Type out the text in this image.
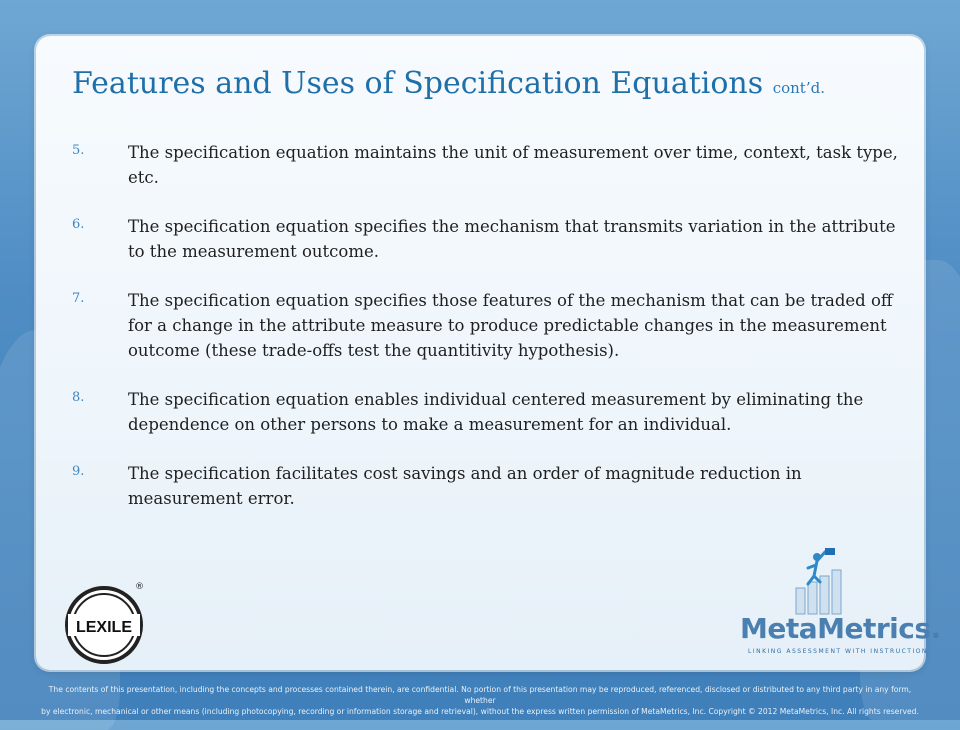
Features and Uses of Specification Equations cont’d.
5.	The specification equation maintains the unit of measurement over time, context, task type, etc.
6.	The specification equation specifies the mechanism that transmits variation in the attribute to the measurement outcome.
7.	The specification equation specifies those features of the mechanism that can be traded off for a change in the attribute measure to produce predictable changes in the measurement outcome (these trade-offs test the quantitivity hypothesis).
8.	The specification equation enables individual centered measurement by eliminating the dependence on other persons to make a measurement for an individual.
9.	The specification facilitates cost savings and an order of magnitude reduction in measurement error.
LEXILE
®
MetaMetrics.
LINKING ASSESSMENT WITH INSTRUCTION
The contents of this presentation, including the concepts and processes contained therein, are confidential. No portion of this presentation may be reproduced, referenced, disclosed or distributed to any third party in any form, whether
by electronic, mechanical or other means (including photocopying, recording or information storage and retrieval), without the express written permission of MetaMetrics, Inc. Copyright © 2012 MetaMetrics, Inc. All rights reserved.
